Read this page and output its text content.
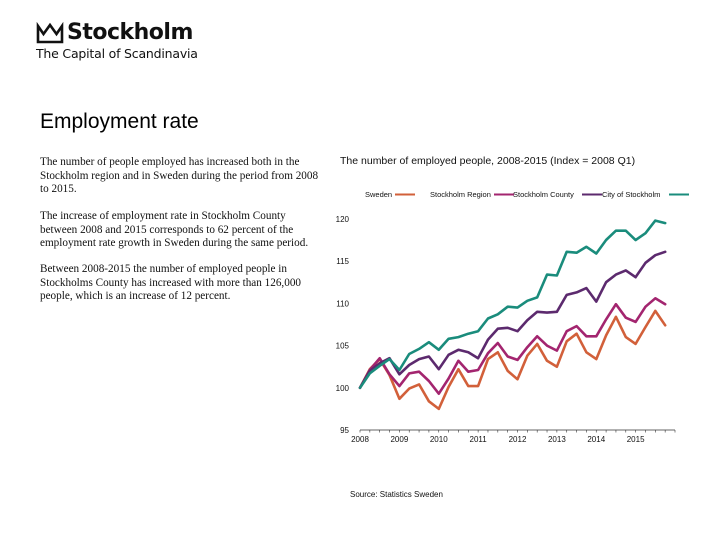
Stockholm
The Capital of Scandinavia
Employment rate

The number of people employed has increased both in the Stockholm region and in Sweden during the period from 2008 to 2015.

The increase of employment rate in Stockholm County between 2008 and 2015 corresponds to 62 percent of the employment rate growth in Sweden during the same period.

Between 2008-2015 the number of employed people in Stockholms County has increased with more than 126,000 people, which is an increase of 12 percent.

The number of employed people, 2008-2015 (Index = 2008 Q1)

2008	2009	2010	2011	2012	2013	2014	2015
95
100
105
110
115
120
Sweden	Stockholm Region	Stockholm County	City of Stockholm
Source: Statistics Sweden
